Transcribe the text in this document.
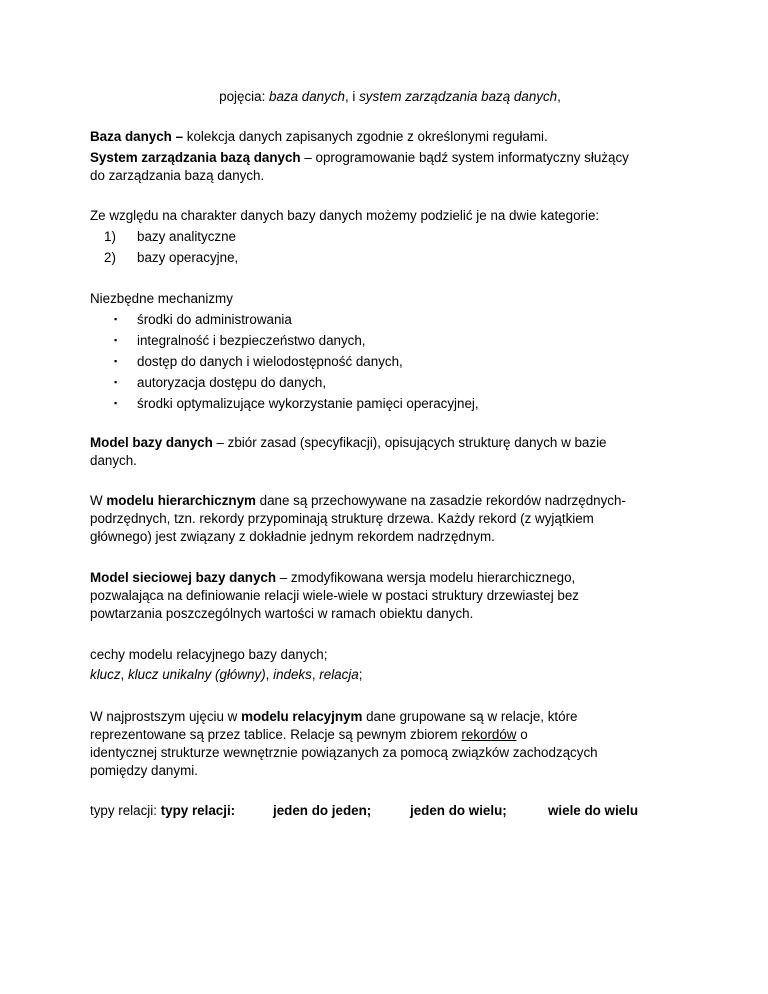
pojęcia: baza danych, i system zarządzania bazą danych,
Baza danych – kolekcja danych zapisanych zgodnie z określonymi regułami.
System zarządzania bazą danych – oprogramowanie bądź system informatyczny służący
do zarządzania bazą danych.
Ze względu na charakter danych bazy danych możemy podzielić je na dwie kategorie:
1) bazy analityczne
2) bazy operacyjne,
Niezbędne mechanizmy
▪ środki do administrowania
▪ integralność i bezpieczeństwo danych,
▪ dostęp do danych i wielodostępność danych,
▪ autoryzacja dostępu do danych,
▪ środki optymalizujące wykorzystanie pamięci operacyjnej,
Model bazy danych – zbiór zasad (specyfikacji), opisujących strukturę danych w bazie
danych.
W modelu hierarchicznym dane są przechowywane na zasadzie rekordów nadrzędnych-
podrzędnych, tzn. rekordy przypominają strukturę drzewa. Każdy rekord (z wyjątkiem
głównego) jest związany z dokładnie jednym rekordem nadrzędnym.
Model sieciowej bazy danych – zmodyfikowana wersja modelu hierarchicznego,
pozwalająca na definiowanie relacji wiele-wiele w postaci struktury drzewiastej bez
powtarzania poszczególnych wartości w ramach obiektu danych.
cechy modelu relacyjnego bazy danych;
klucz, klucz unikalny (główny), indeks, relacja;
W najprostszym ujęciu w modelu relacyjnym dane grupowane są w relacje, które
reprezentowane są przez tablice. Relacje są pewnym zbiorem rekordów o
identycznej strukturze wewnętrznie powiązanych za pomocą związków zachodzących
pomiędzy danymi.
typy relacji: typy relacji:	jeden do jeden;	jeden do wielu;	wiele do wielu
